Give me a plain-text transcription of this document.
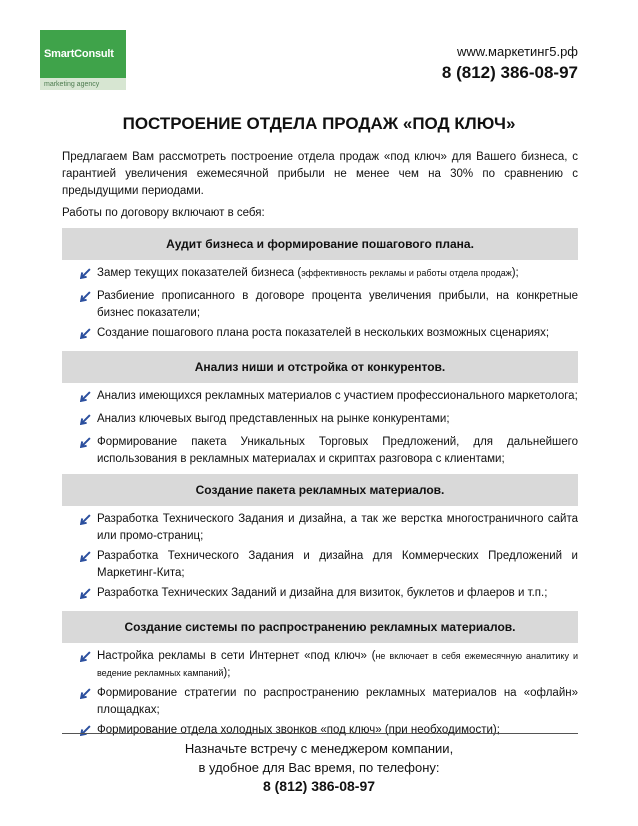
SmartConsult
marketing agency
www.маркетинг5.рф
8 (812) 386-08-97
ПОСТРОЕНИЕ ОТДЕЛА ПРОДАЖ «ПОД КЛЮЧ»

Предлагаем Вам рассмотреть построение отдела продаж «под ключ» для Вашего бизнеса, с гарантией увеличения ежемесячной прибыли не менее чем на 30% по сравнению с предыдущими периодами.

Работы по договору включают в себя:

Аудит бизнеса и формирование пошагового плана.
Замер текущих показателей бизнеса (эффективность рекламы и работы отдела продаж);
Разбиение прописанного в договоре процента увеличения прибыли, на конкретные бизнес показатели;
Создание пошагового плана роста показателей в нескольких возможных сценариях;
Анализ ниши и отстройка от конкурентов.
Анализ имеющихся рекламных материалов с участием профессионального маркетолога;
Анализ ключевых выгод представленных на рынке конкурентами;
Формирование пакета Уникальных Торговых Предложений, для дальнейшего использования в рекламных материалах и скриптах разговора с клиентами;
Создание пакета рекламных материалов.
Разработка Технического Задания и дизайна, а так же верстка многостраничного сайта или промо-страниц;
Разработка Технического Задания и дизайна для Коммерческих Предложений и Маркетинг-Кита;
Разработка Технических Заданий и дизайна для визиток, буклетов и флаеров и т.п.;
Создание системы по распространению рекламных материалов.
Настройка рекламы в сети Интернет «под ключ» (не включает в себя ежемесячную аналитику и ведение рекламных кампаний);
Формирование стратегии по распространению рекламных материалов на «офлайн» площадках;
Формирование отдела холодных звонков «под ключ» (при необходимости);
Назначьте встречу с менеджером компании,
в удобное для Вас время, по телефону:
8 (812) 386-08-97
